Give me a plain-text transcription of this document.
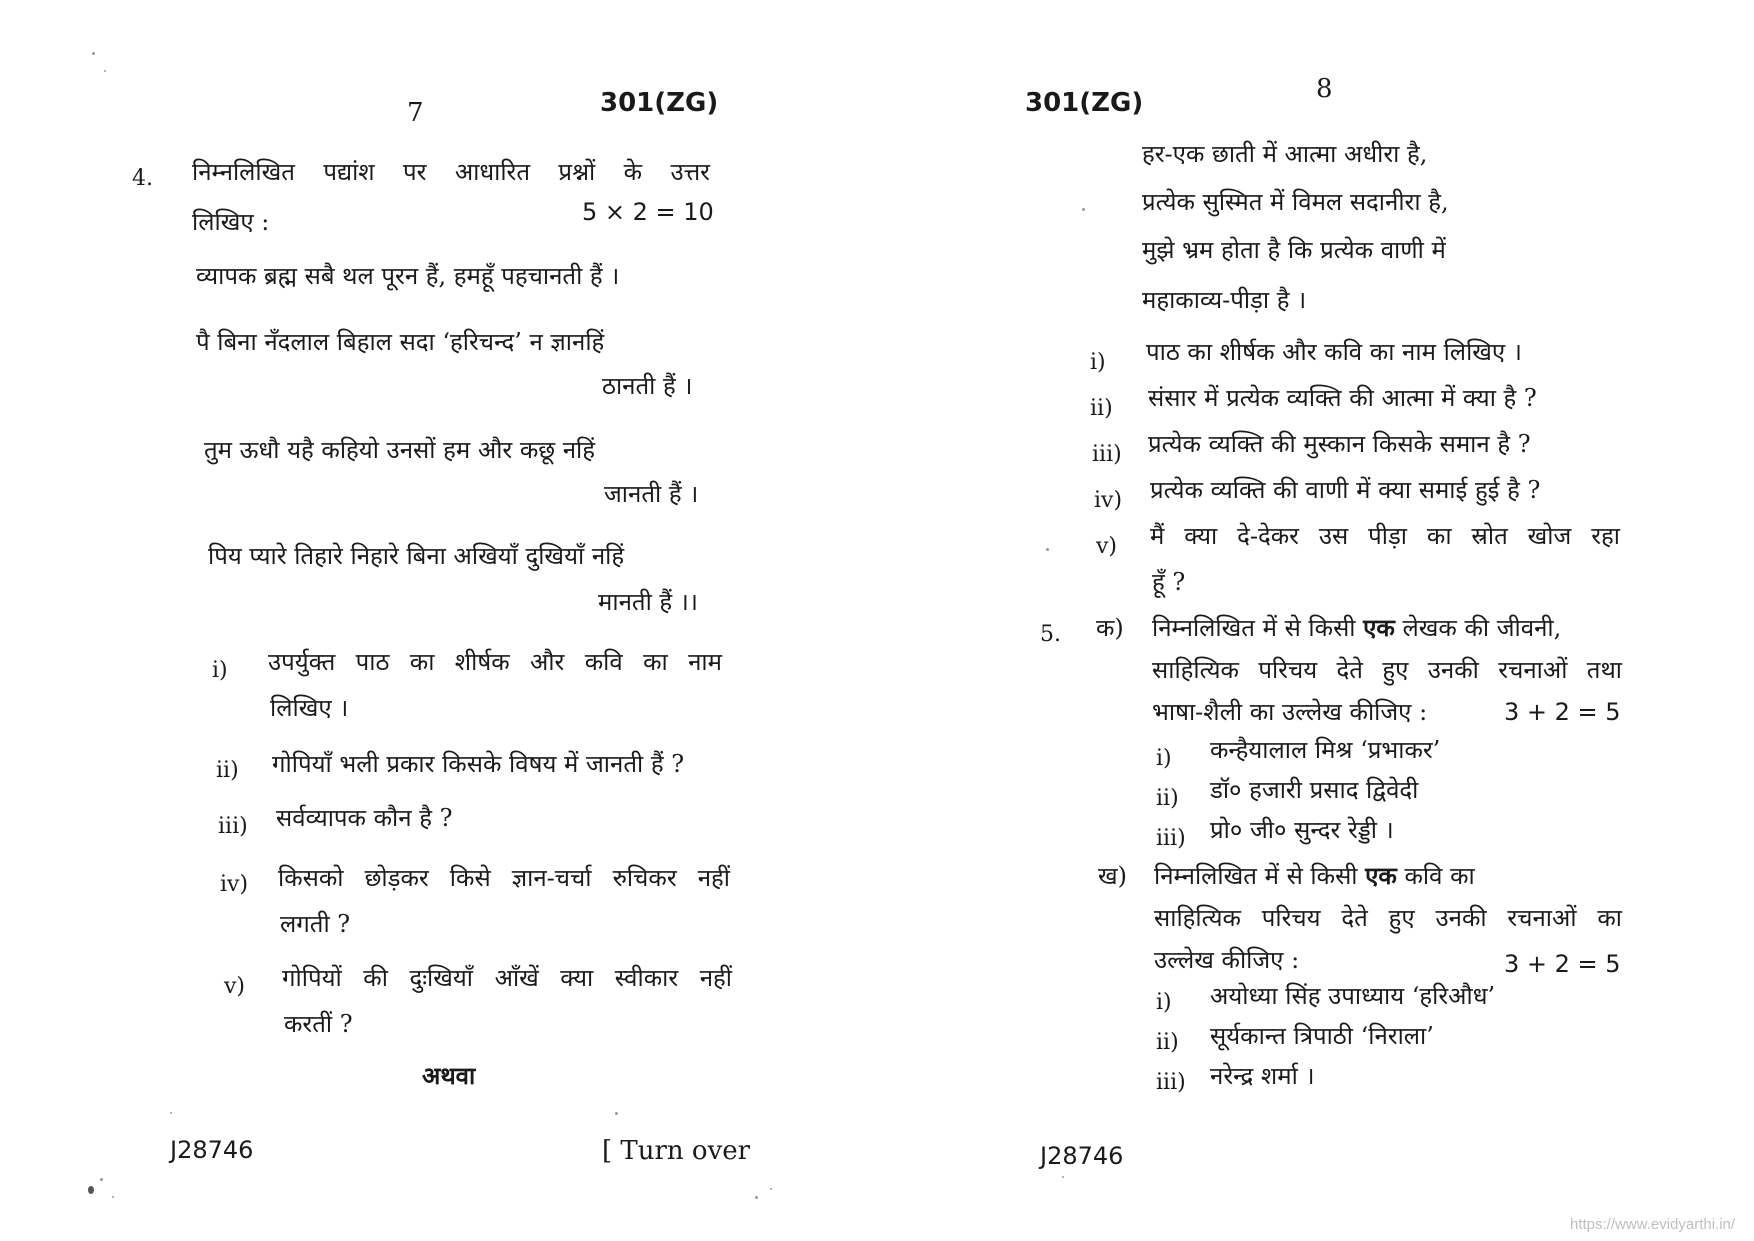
7	301(ZG)
4. निम्नलिखित पद्यांश पर आधारित प्रश्नों के उत्तर
लिखिए :	5 × 2 = 10
व्यापक ब्रह्म सबै थल पूरन हैं, हमहूँ पहचानती हैं ।
पै बिना नँदलाल बिहाल सदा ‘हरिचन्द’ न ज्ञानहिं
ठानती हैं ।
तुम ऊधौ यहै कहियो उनसों हम और कछू नहिं
जानती हैं ।
पिय प्यारे तिहारे निहारे बिना अखियाँ दुखियाँ नहिं
मानती हैं ।।
i) उपर्युक्त पाठ का शीर्षक और कवि का नाम
लिखिए ।
ii) गोपियाँ भली प्रकार किसके विषय में जानती हैं ?
iii) सर्वव्यापक कौन है ?
iv) किसको छोड़कर किसे ज्ञान-चर्चा रुचिकर नहीं
लगती ?
v) गोपियों की दुःखियाँ आँखें क्या स्वीकार नहीं
करतीं ?
अथवा
J28746	[ Turn over
301(ZG)	8
हर-एक छाती में आत्मा अधीरा है,
प्रत्येक सुस्मित में विमल सदानीरा है,
मुझे भ्रम होता है कि प्रत्येक वाणी में
महाकाव्य-पीड़ा है ।
i) पाठ का शीर्षक और कवि का नाम लिखिए ।
ii) संसार में प्रत्येक व्यक्ति की आत्मा में क्या है ?
iii) प्रत्येक व्यक्ति की मुस्कान किसके समान है ?
iv) प्रत्येक व्यक्ति की वाणी में क्या समाई हुई है ?
v) मैं क्या दे-देकर उस पीड़ा का स्रोत खोज रहा
हूँ ?
5. क) निम्नलिखित में से किसी एक लेखक की जीवनी,
साहित्यिक परिचय देते हुए उनकी रचनाओं तथा
भाषा-शैली का उल्लेख कीजिए :	3 + 2 = 5
i) कन्हैयालाल मिश्र ‘प्रभाकर’
ii) डॉ० हजारी प्रसाद द्विवेदी
iii) प्रो० जी० सुन्दर रेड्डी ।
ख) निम्नलिखित में से किसी एक कवि का
साहित्यिक परिचय देते हुए उनकी रचनाओं का
उल्लेख कीजिए :	3 + 2 = 5
i) अयोध्या सिंह उपाध्याय ‘हरिऔध’
ii) सूर्यकान्त त्रिपाठी ‘निराला’
iii) नरेन्द्र शर्मा ।
J28746
https://www.evidyarthi.in/
